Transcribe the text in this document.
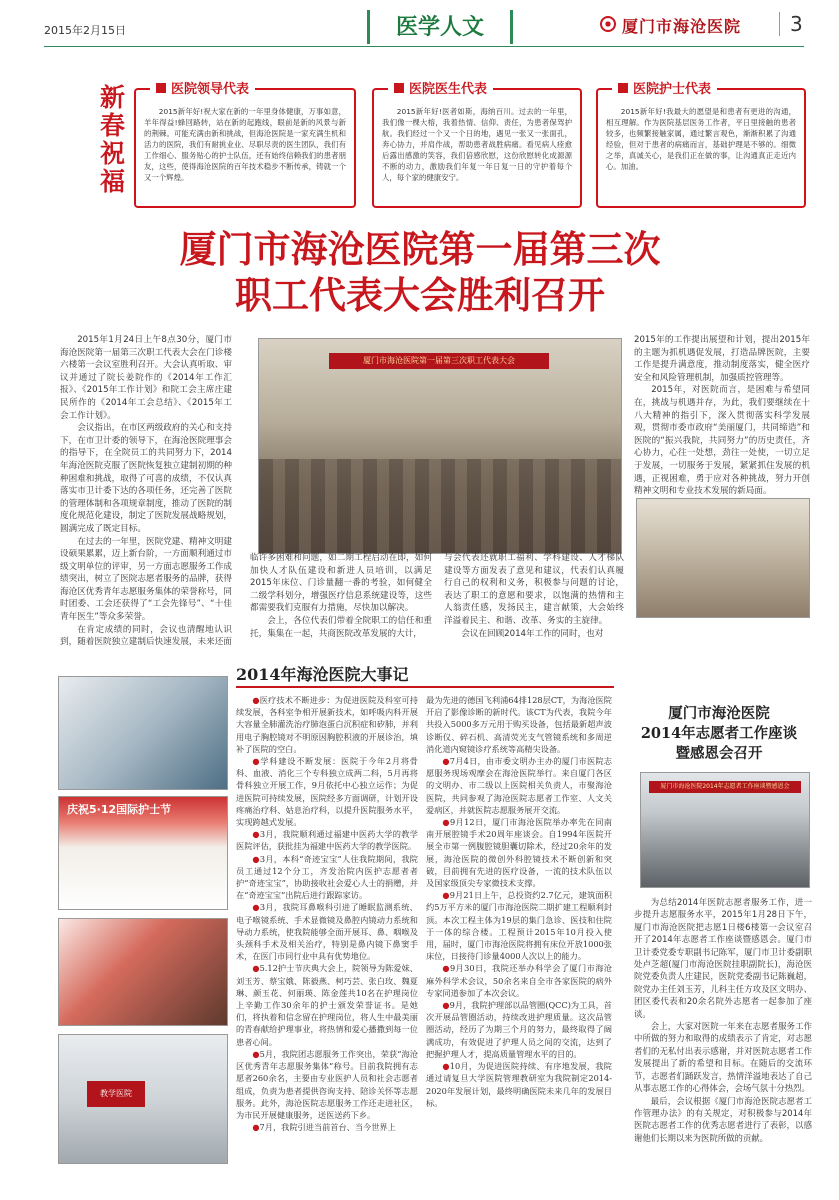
2015年2月15日	医学人文	厦门市海沧医院 3
新春祝福
医院领导代表
2015新年好!祝大家在新的一年里身体健康，万事如意，羊年得益!蜂回路转，站在新的起跑线，眼前是新的风景与新的荆棘。可能充满由新和挑战，但海沧医院是一家充满生机和活力的医院，我们有耐挑业业、尽职尽责的医生团队，我们有工作细心、服务贴心的护士队伍，还有始终信赖我们的患者朋友，这些，使得海沧医院的百年技术稳步不断传承，铸就一个又一个辉煌。
医院医生代表
2015新年好!医者如斯，海纳百川。过去的一年里，我们像一棵大榕，我着热情、信仰、责任，为患者保驾护航。我们经过一个又一个日的地，遇见一张又一张面孔，奔心协力，并肩作战，帮助患者战胜病痛。看见病人痊愈后露出感激的笑容，我们倍感欣慰，这份欣慰转化成源源不断的动力，激励我们年复一年日复一日的守护着每个人，每个家的健康安宁。
医院护士代表
2015新年好!我最大的愿望是和患者有更进的沟通，相互理解。作为医院基层医务工作者，平日里接触的患者较多，也频繁接触家属，通过繁言观色，渐渐积累了沟通经验，但对于患者的病痛而言，基础护理是不够的。细微之举，真诚关心，是我们正在做的事，让沟通真正走近内心。加油。
厦门市海沧医院第一届第三次
职工代表大会胜利召开

2015年1月24日上午8点30分，厦门市海沧医院第一届第三次职工代表大会在门诊楼六楼第一会议室胜利召开。大会认真听取、审议并通过了院长姜院作的《2014年工作汇报》、《2015年工作计划》和院工会主席庄建民所作的《2014年工会总结》、《2015年工会工作计划》。

会议指出，在市区两级政府的关心和支持下，在市卫计委的领导下，在海沧医院理事会的指导下，在全院员工的共同努力下，2014年海沧医院克服了医院恢复独立建制初期的种种困难和挑战，取得了可喜的成绩，不仅认真落实市卫计委下达的各项任务，还完善了医院的管理体制和各项规章制度，推动了医院的制度化规范化建设，制定了医院发展战略规划，圆满完成了既定目标。

在过去的一年里，医院党建、精神文明建设硕果累累，迈上新台阶，一方面顺利通过市级文明单位的评审，另一方面志愿服务工作成绩突出，树立了医院志愿者服务的品牌，获得海沧区优秀青年志愿服务集体的荣誉称号，同时团委、工会还获得了“工会先锋号”、“十佳青年医生”等众多荣誉。

在肯定成绩的同时，会议也清醒地认识到，随着医院独立建制后快速发展，未来还面

厦门市海沧医院第一届第三次职工代表大会

临许多困难和问题，如二期工程启动在即，如何加快人才队伍建设和新进人员培训，以满足2015年床位、门诊量翻一番的考验，如何健全二级学科划分，增强医疗信息系统建设等，这些都需要我们克服有力措施，尽快加以解决。

会上，各位代表们带着全院职工的信任和重托，集集在一起，共商医院改革发展的大计，

与会代表还就职工福利、学科建设、人才梯队建设等方面发表了意见和建议，代表们认真履行自己的权利和义务，积极参与问题的讨论，表达了职工的意愿和要求，以饱满的热情和主人翁责任感，发扬民主，建言献策，大会始终洋溢着民主、和谐、改革、务实的主旋律。

会议在回顾2014年工作的同时，也对

2015年的工作提出展望和计划，提出2015年的主题为抓机遇促发展，打造品牌医院，主要工作是提升满意度，推动制度落实，健全医疗安全和风险管理机制，加强质控管理等。

2015年，对医院而言，是困难与希望同在，挑战与机遇并存，为此，我们要继续在十八大精神的指引下，深入贯彻落实科学发展观，贯彻市委市政府“美丽厦门，共同缔造”和医院的“振兴我院，共同努力”的历史责任，齐心协力，心往一处想，劲往一处使，一切立足于发展，一切服务于发展，紧紧抓住发展的机遇，正视困难，勇于应对各种挑战，努力开创精神文明和专业技术发展的新局面。

2014年海沧医院大事记
庆祝5·12国际护士节
教学医院

●医疗技术不断进步：为促进医院及科室可持续发展，各科室争相开展新技术，如呼吸内科开展大容量全肺灌洗治疗肺泡蛋白沉积症和矽肺，并利用电子胸腔镜对不明原因胸腔积液的开展诊治，填补了医院的空白。

●学科建设不断发展：医院于今年2月将骨科、血液、消化三个专科独立成两二科，5月再将骨科独立开展工作，9月依托中心独立运作；为促进医院可持续发展，医院经多方面调研，计划开设疼痛治疗科、姑息治疗科，以提升医院服务水平，实现跨越式发展。

●3月，我院顺利通过福建中医药大学的教学医院评估，获批挂为福建中医药大学的教学医院。

●3月，本科“奇迹宝宝”人住我院期间，我院员工通过12个分工，齐发治院内医护志愿者者护“奇迹宝宝”，协助接收社会爱心人士的捐赠，并在“奇迹宝宝”出院后进行跟踪家访。

●3月，我院耳鼻喉科引进了睡眠监测系统、电子喉镜系统、手术显微镜及鼻腔内镜动力系统和导动力系统，使我院能够全面开展耳、鼻、咽喉及头颈科手术及相关治疗，特别是鼻内镜下鼻窦手术，在医门市同行业中具有优势地位。

●5.12护士节庆典大会上，院领导为陈爱妹、刘玉芳、蔡宝娥、陈毅燕、柯巧芸、张白玫、魏夏琳、颜玉花、何丽瑛、陈金莲共10名在护理岗位上辛勤工作30余年的护士颁发荣誉证书。是她们，将执着和信念留在护理岗位，将人生中最美丽的青春献给护理事业，将热情和爱心播撒到每一位患者心间。

●5月，我院团志愿服务工作突出，荣获“海沧区优秀青年志愿服务集体”称号。目前我院拥有志愿者260余名，主要由专业医护人员和社会志愿者组成，负责为患者提供咨询支持、陪诊关怀等志愿服务。此外，海沧医院志愿服务工作还走进社区，为市民开展健康服务，送医送药下乡。

●7月，我院引进当前首台、当今世界上

最为先进的德国飞利浦64排128层CT，为海沧医院开启了影像诊断的新时代。该CT为代表，我院今年共投入5000多万元用于购买设备，包括最新超声波诊断仪、碎石机、高清荧光支气管镜系统和多周逆消化道内窥镜诊疗系统等高精尖设备。

●7月4日，由市委文明办主办的厦门市医院志愿服务现场观摩会在海沧医院举行。来自厦门各区的文明办、市二级以上医院相关负责人，市聚海沧医院，共同参观了海沧医院志愿者工作室、人文关爱病区，并就医院志愿服务展开交流。

●9月12日，厦门市海沧医院举办率先在同南南开展腔镜手术20周年座谈会。自1994年医院开展全市第一例腹腔镜胆囊切除术，经过20余年的发展，海沧医院的微创外科腔镜技术不断创新和突破，目前拥有先进的医疗设备，一流的技术队伍以及国家级顶尖专家微技术支撑。

●9月21日上午，总投资约2.7亿元，建筑面积约5万平方米的厦门市海沧医院二期扩建工程顺利封顶。本次工程主体为19层的集门急诊、医技和住院于一体的综合楼。工程预计2015年10月投入使用，届时，厦门市海沧医院将拥有床位开放1000张床位，日接待门诊量4000人次以上的能力。

●9月30日，我院还举办科学会了厦门市海沧麻外科学术会议，50余名来自全市各家医院的病外专家同道参加了本次会议。

●9月，我院护理部以品管圈(QCC)为工具，首次开展品管圈活动，持续改进护理质量。这次品管圈活动，经历了为期三个月的努力，最终取得了阔满成功，有效促进了护理人员之间的交流，达到了把握护理人才，提高质量管理水平的目的。

●10月，为促进医院持续、有序地发展，我院通过请复旦大学医院管理教研室为我院制定2014-2020年发展计划，最终明确医院未来几年的发展目标。

厦门市海沧医院
2014年志愿者工作座谈
暨感恩会召开
厦门市海沧医院2014年志愿者工作座谈暨感恩会

为总结2014年医院志愿者服务工作，进一步提升志愿服务水平，2015年1月28日下午，厦门市海沧医院把志愿1日楼6楼第一会议室召开了2014年志愿者工作座谈暨感恩会。厦门市卫计委党委专职副书记陈军，厦门市卫计委副职处卢芝超(厦门市海沧医院挂职副院长)，海沧医院党委负责人庄建民，医院党委副书记陈巍超，院党办主任刘玉芳，儿科主任方攻及区文明办、团区委代表和20余名院外志愿者一起参加了座谈。

会上，大家对医院一年来在志愿者服务工作中所做的努力和取得的成绩表示了肯定，对志愿者们的无私付出表示感谢，并对医院志愿者工作发展提出了新的希望和目标。在随后的交流环节，志愿者们踊跃发言，热情洋溢地表达了自己从事志愿工作的心得体会，会场气氛十分热烈。

最后，会议根据《厦门市海沧医院志愿者工作管理办法》的有关规定，对积极参与2014年医院志愿者工作的优秀志愿者进行了表彰，以感谢他们长期以来为医院所做的贡献。
